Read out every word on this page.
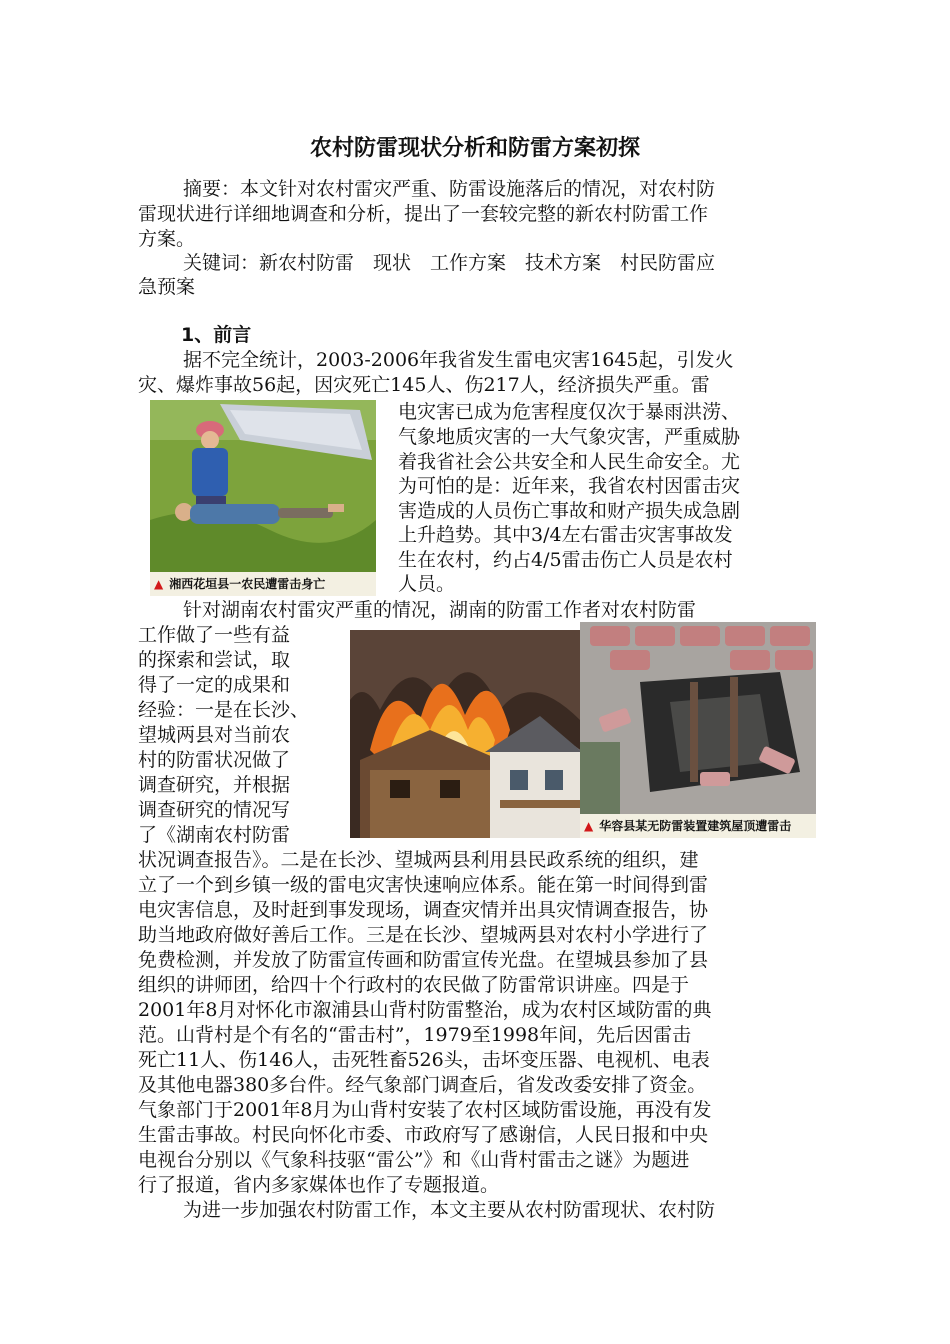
农村防雷现状分析和防雷方案初探
摘要：本文针对农村雷灾严重、防雷设施落后的情况，对农村防
雷现状进行详细地调查和分析，提出了一套较完整的新农村防雷工作
方案。
关键词：新农村防雷　现状　工作方案　技术方案　村民防雷应
急预案
1、前言
据不完全统计，2003-2006年我省发生雷电灾害1645起，引发火
灾、爆炸事故56起，因灾死亡145人、伤217人，经济损失严重。雷
电灾害已成为危害程度仅次于暴雨洪涝、
气象地质灾害的一大气象灾害，严重威胁
着我省社会公共安全和人民生命安全。尤
为可怕的是：近年来，我省农村因雷击灾
害造成的人员伤亡事故和财产损失成急剧
上升趋势。其中3/4左右雷击灾害事故发
生在农村，约占4/5雷击伤亡人员是农村
人员。
▲ 湘西花垣县一农民遭雷击身亡
针对湖南农村雷灾严重的情况，湖南的防雷工作者对农村防雷
工作做了一些有益
的探索和尝试，取
得了一定的成果和
经验：一是在长沙、
望城两县对当前农
村的防雷状况做了
调查研究，并根据
调查研究的情况写
了《湖南农村防雷
状况调查报告》。二是在长沙、望城两县利用县民政系统的组织，建
立了一个到乡镇一级的雷电灾害快速响应体系。能在第一时间得到雷
电灾害信息，及时赶到事发现场，调查灾情并出具灾情调查报告，协
助当地政府做好善后工作。三是在长沙、望城两县对农村小学进行了
免费检测，并发放了防雷宣传画和防雷宣传光盘。在望城县参加了县
组织的讲师团，给四十个行政村的农民做了防雷常识讲座。四是于
2001年8月对怀化市溆浦县山背村防雷整治，成为农村区域防雷的典
范。山背村是个有名的“雷击村”，1979至1998年间，先后因雷击
死亡11人、伤146人，击死牲畜526头，击坏变压器、电视机、电表
及其他电器380多台件。经气象部门调查后，省发改委安排了资金。
气象部门于2001年8月为山背村安装了农村区域防雷设施，再没有发
生雷击事故。村民向怀化市委、市政府写了感谢信，人民日报和中央
电视台分别以《气象科技驱“雷公”》和《山背村雷击之谜》为题进
行了报道，省内多家媒体也作了专题报道。
为进一步加强农村防雷工作，本文主要从农村防雷现状、农村防
▲ 华容县某无防雷装置建筑屋顶遭雷击
